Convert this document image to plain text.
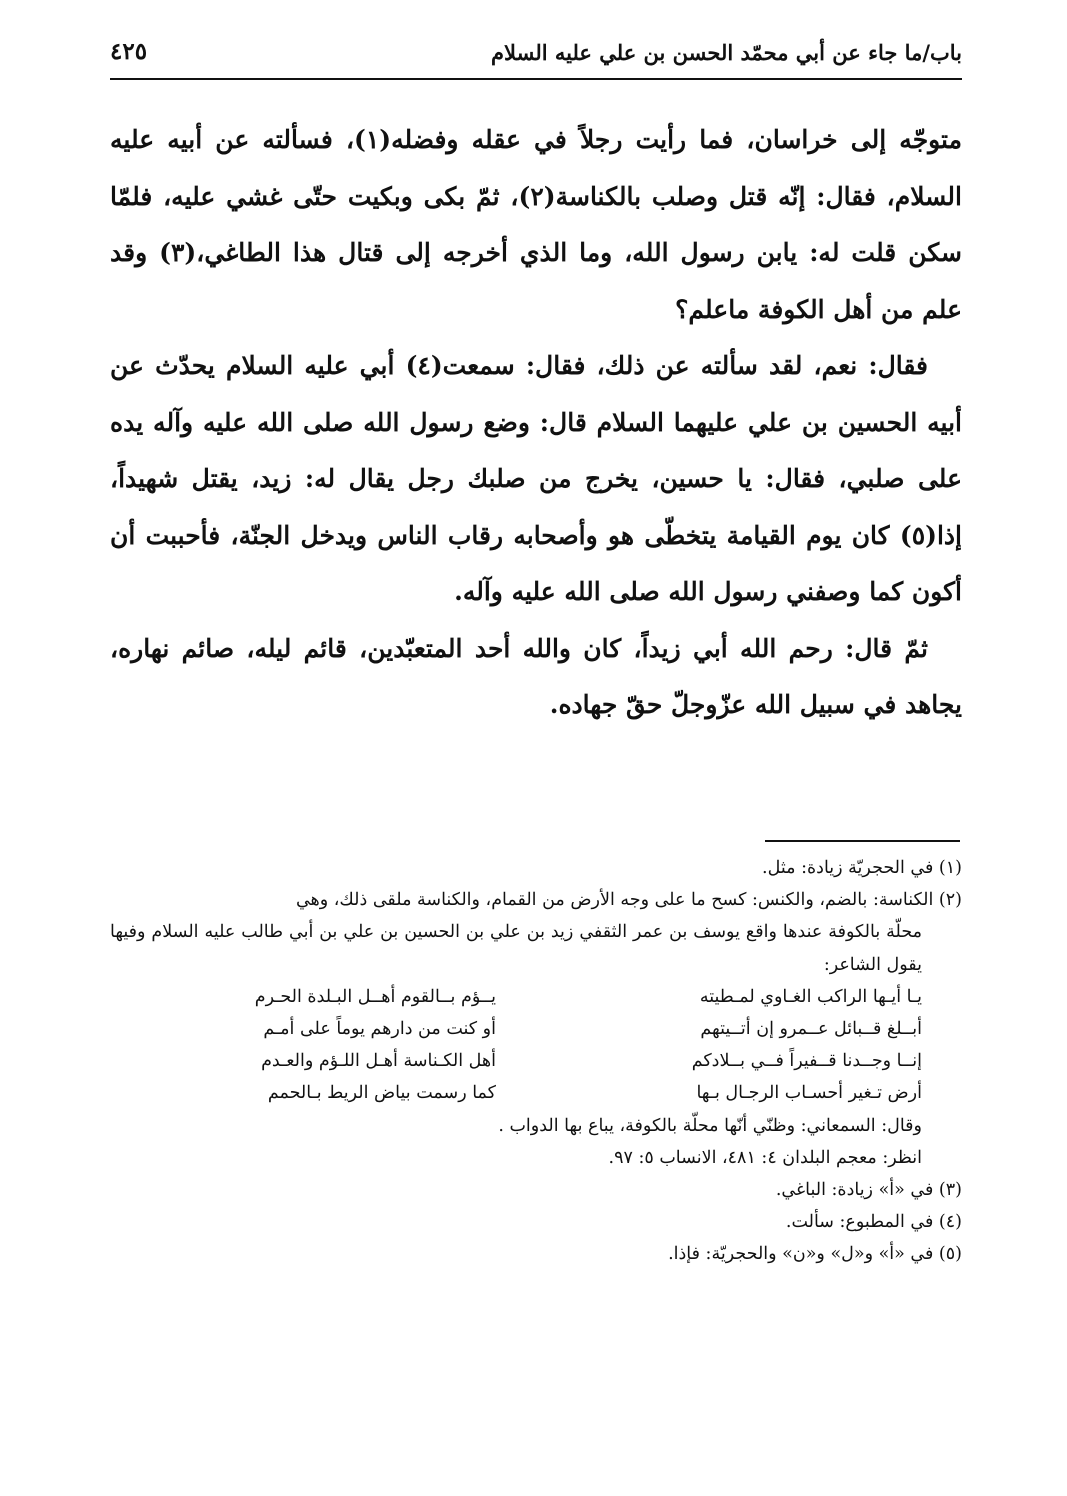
باب/ما جاء عن أبي محمّد الحسن بن علي عليه السلام
٤٢٥

متوجّه إلى خراسان، فما رأيت رجلاً في عقله وفضله(١)، فسألته عن أبيه عليه السلام، فقال: إنّه قتل وصلب بالكناسة(٢)، ثمّ بكى وبكيت حتّى غشي عليه، فلمّا سكن قلت له: يابن رسول الله، وما الذي أخرجه إلى قتال هذا الطاغي،(٣) وقد علم من أهل الكوفة ماعلم؟

فقال: نعم، لقد سألته عن ذلك، فقال: سمعت(٤) أبي عليه السلام يحدّث عن أبيه الحسين بن علي عليهما السلام قال: وضع رسول الله صلى الله عليه وآله يده على صلبي، فقال: يا حسين، يخرج من صلبك رجل يقال له: زيد، يقتل شهيداً، إذا(٥) كان يوم القيامة يتخطّى هو وأصحابه رقاب الناس ويدخل الجنّة، فأحببت أن أكون كما وصفني رسول الله صلى الله عليه وآله.

ثمّ قال: رحم الله أبي زيداً، كان والله أحد المتعبّدين، قائم ليله، صائم نهاره، يجاهد في سبيل الله عزّوجلّ حقّ جهاده.

(١) في الحجريّة زيادة: مثل.

(٢) الكناسة: بالضم، والكنس: كسح ما على وجه الأرض من القمام، والكناسة ملقى ذلك، وهي

محلّة بالكوفة عندها واقع يوسف بن عمر الثقفي زيد بن علي بن الحسين بن علي بن أبي طالب عليه السلام وفيها يقول الشاعر:

يـا أيـها الراكب الغـاوي لمـطيته
يــؤم بــالقوم أهــل البـلدة الحـرم
أبــلغ قــبائل عــمرو إن أتــيتهم
أو كنت من دارهم يوماً على أمـم
إنــا وجــدنا قــفيراً فــي بــلادكم
أهل الكـناسة أهـل اللـؤم والعـدم
أرض تـغير أحسـاب الرجـال بـها
كما رسمت بياض الريط بـالحمم

وقال: السمعاني: وظنّي أنّها محلّة بالكوفة، يباع بها الدواب .

انظر: معجم البلدان ٤: ٤٨١، الانساب ٥: ٩٧.

(٣) في «أ» زيادة: الباغي.

(٤) في المطبوع: سألت.

(٥) في «أ» و«ل» و«ن» والحجريّة: فإذا.
